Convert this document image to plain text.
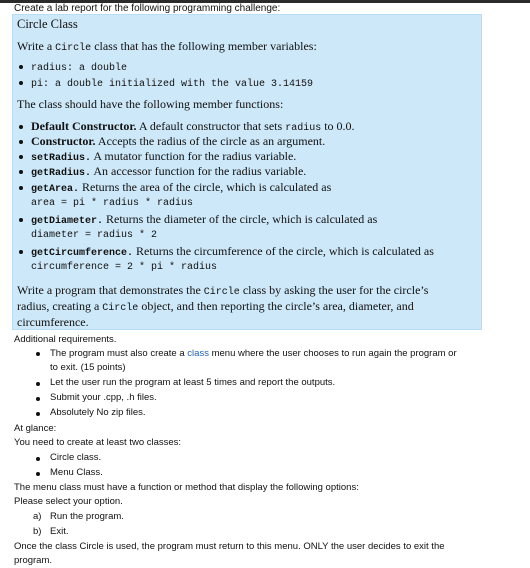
Create a lab report for the following programming challenge:
Circle Class
Write a Circle class that has the following member variables:
radius: a double
pi: a double initialized with the value 3.14159
The class should have the following member functions:
Default Constructor. A default constructor that sets radius to 0.0.
Constructor. Accepts the radius of the circle as an argument.
setRadius. A mutator function for the radius variable.
getRadius. An accessor function for the radius variable.
getArea. Returns the area of the circle, which is calculated as
area = pi * radius * radius
getDiameter. Returns the diameter of the circle, which is calculated as
diameter = radius * 2
getCircumference. Returns the circumference of the circle, which is calculated as
circumference = 2 * pi * radius
Write a program that demonstrates the Circle class by asking the user for the circle’s
radius, creating a Circle object, and then reporting the circle’s area, diameter, and
circumference.
Additional requirements.
The program must also create a class menu where the user chooses to run again the program or
to exit. (15 points)
Let the user run the program at least 5 times and report the outputs.
Submit your .cpp, .h files.
Absolutely No zip files.
At glance:
You need to create at least two classes:
Circle class.
Menu Class.
The menu class must have a function or method that display the following options:
Please select your option.
a) Run the program.
b) Exit.
Once the class Circle is used, the program must return to this menu. ONLY the user decides to exit the
program.
